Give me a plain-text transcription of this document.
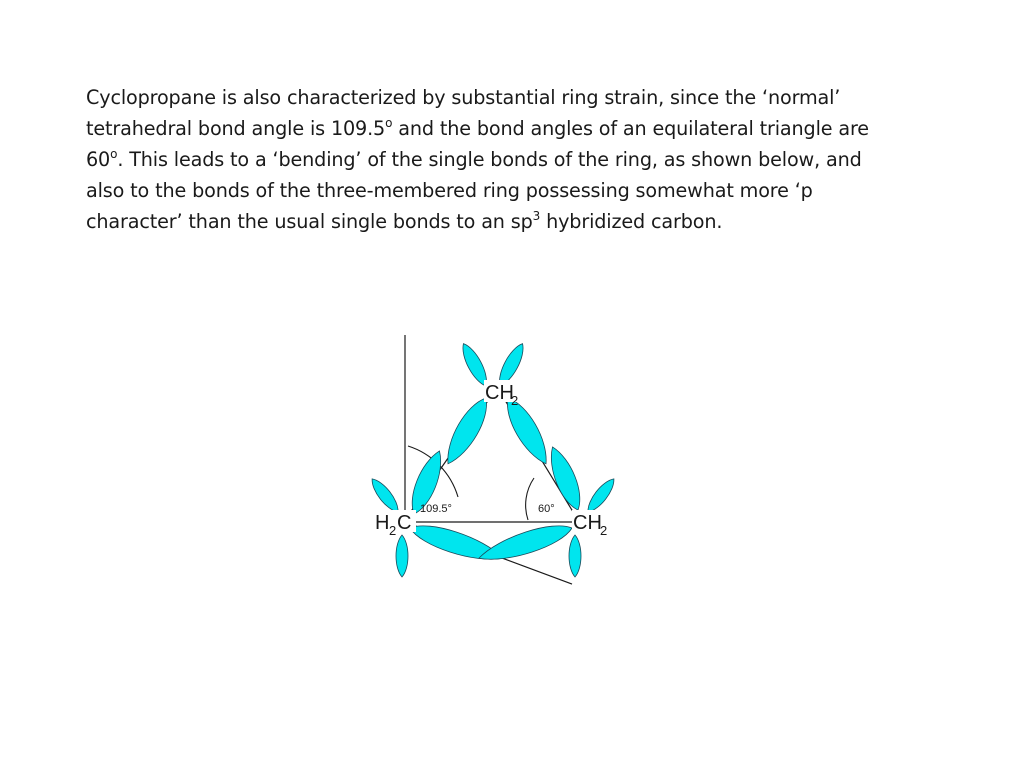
Cyclopropane is also characterized by substantial ring strain, since the ‘normal’
tetrahedral bond angle is 109.5$^o$ and the bond angles of an equilateral triangle are
60$^o$. This leads to a ‘bending’ of the single bonds of the ring, as shown below, and
also to the bonds of the three-membered ring possessing somewhat more ‘p
character’ than the usual single bonds to an $sp^3$ hybridized carbon.
CH
2
H 2 C	CH
2
109.5°	60°
